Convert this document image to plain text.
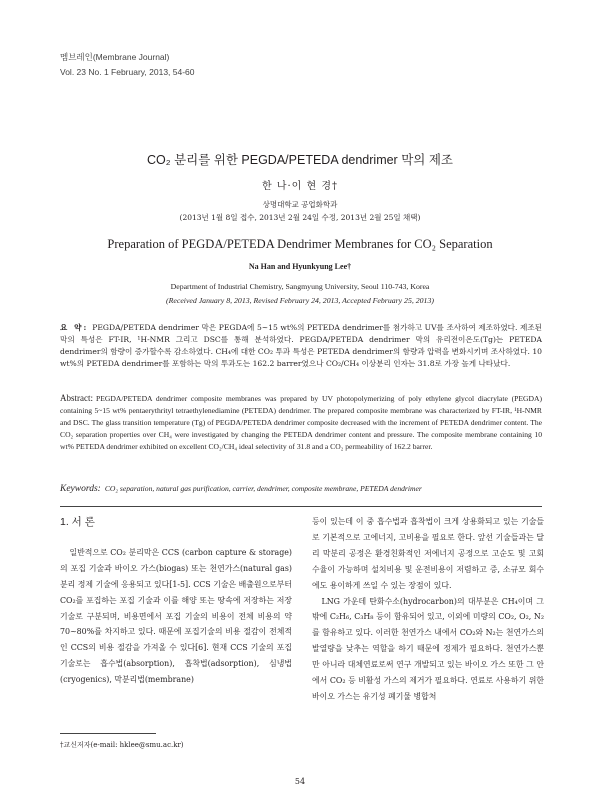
멤브레인(Membrane Journal)
Vol. 23 No. 1 February, 2013, 54-60
CO₂ 분리를 위한 PEGDA/PETEDA dendrimer 막의 제조
한 나·이 현 경†
상명대학교 공업화학과
(2013년 1월 8일 접수, 2013년 2월 24일 수정, 2013년 2월 25일 채택)
Preparation of PEGDA/PETEDA Dendrimer Membranes for CO₂ Separation
Na Han and Hyunkyung Lee†
Department of Industrial Chemistry, Sangmyung University, Seoul 110-743, Korea
(Received January 8, 2013, Revised February 24, 2013, Accepted February 25, 2013)
요 약: PEGDA/PETEDA dendrimer 막은 PEGDA에 5~15 wt%의 PETEDA dendrimer를 첨가하고 UV를 조사하여 제조하였다. 제조된 막의 특성은 FT-IR, ¹H-NMR 그리고 DSC를 통해 분석하였다. PEGDA/PETEDA dendrimer 막의 유리전이온도(Tg)는 PETEDA dendrimer의 함량이 증가할수록 감소하였다. CH₄에 대한 CO₂ 투과 특성은 PETEDA dendrimer의 함량과 압력을 변화시키며 조사하였다. 10 wt%의 PETEDA dendrimer를 포함하는 막의 투과도는 162.2 barrer였으나 CO₂/CH₄ 이상분리 인자는 31.8로 가장 높게 나타났다.
Abstract: PEGDA/PETEDA dendrimer composite membranes was prepared by UV photopolymerizing of poly ethylene glycol diacrylate (PEGDA) containing 5~15 wt% pentaerythrityl tetraethylenediamine (PETEDA) dendrimer. The prepared composite membrane was characterized by FT-IR, ¹H-NMR and DSC. The glass transition temperature (Tg) of PEGDA/PETEDA dendrimer composite decreased with the increment of PETEDA dendrimer content. The CO₂ separation properties over CH₄ were investigated by changing the PETEDA dendrimer content and pressure. The composite membrane containing 10 wt% PETEDA dendrimer exhibited on excellent CO₂/CH₄ ideal selectivity of 31.8 and a CO₂ permeability of 162.2 barrer.
Keywords: CO₂ separation, natural gas purification, carrier, dendrimer, composite membrane, PETEDA dendrimer
1. 서 론

일반적으로 CO₂ 분리막은 CCS (carbon capture & storage)의 포집 기술과 바이오 가스(biogas) 또는 천연가스(natural gas) 분리 정제 기술에 응용되고 있다[1-5]. CCS 기술은 배출원으로부터 CO₂를 포집하는 포집 기술과 이를 해양 또는 땅속에 저장하는 저장 기술로 구분되며, 비용면에서 포집 기술의 비용이 전체 비용의 약 70~80%를 차지하고 있다. 때문에 포집기술의 비용 절감이 전체적인 CCS의 비용 절감을 가져올 수 있다[6]. 현재 CCS 기술의 포집 기술로는 흡수법(absorption), 흡착법(adsorption), 심냉법(cryogenics), 막분리법(membrane)

등이 있는데 이 중 흡수법과 흡착법이 크게 상용화되고 있는 기술들로 기본적으로 고에너지, 고비용을 필요로 한다. 앞선 기술들과는 달리 막분리 공정은 환경친화적인 저에너지 공정으로 고순도 및 고회수율이 가능하며 설치비용 및 운전비용이 저렴하고 증, 소규모 회수에도 용이하게 쓰일 수 있는 장점이 있다.

LNG 가운데 탄화수소(hydrocarbon)의 대부분은 CH₄이며 그 밖에 C₂H₆, C₃H₈ 등이 함유되어 있고, 이외에 미량의 CO₂, O₂, N₂를 함유하고 있다. 이러한 천연가스 내에서 CO₂와 N₂는 천연가스의 발열량을 낮추는 역할을 하기 때문에 정제가 필요하다. 천연가스뿐만 아니라 대체연료로써 연구 개발되고 있는 바이오 가스 또한 그 안에서 CO₂ 등 비활성 가스의 제거가 필요하다. 연료로 사용하기 위한 바이오 가스는 유기성 폐기물 병합처

†교신저자(e-mail: hklee@smu.ac.kr)
54
